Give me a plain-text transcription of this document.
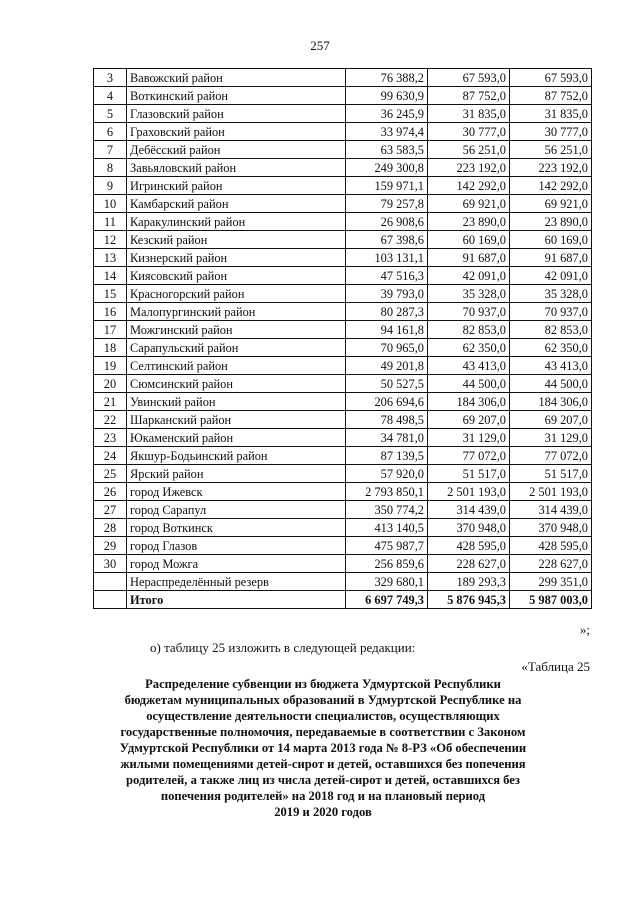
257
3	Вавожский район	76 388,2	67 593,0	67 593,0
4	Воткинский район	99 630,9	87 752,0	87 752,0
5	Глазовский район	36 245,9	31 835,0	31 835,0
6	Граховский район	33 974,4	30 777,0	30 777,0
7	Дебёсский район	63 583,5	56 251,0	56 251,0
8	Завьяловский район	249 300,8	223 192,0	223 192,0
9	Игринский район	159 971,1	142 292,0	142 292,0
10	Камбарский район	79 257,8	69 921,0	69 921,0
11	Каракулинский район	26 908,6	23 890,0	23 890,0
12	Кезский район	67 398,6	60 169,0	60 169,0
13	Кизнерский район	103 131,1	91 687,0	91 687,0
14	Киясовский район	47 516,3	42 091,0	42 091,0
15	Красногорский район	39 793,0	35 328,0	35 328,0
16	Малопургинский район	80 287,3	70 937,0	70 937,0
17	Можгинский район	94 161,8	82 853,0	82 853,0
18	Сарапульский район	70 965,0	62 350,0	62 350,0
19	Селтинский район	49 201,8	43 413,0	43 413,0
20	Сюмсинский район	50 527,5	44 500,0	44 500,0
21	Увинский район	206 694,6	184 306,0	184 306,0
22	Шарканский район	78 498,5	69 207,0	69 207,0
23	Юкаменский район	34 781,0	31 129,0	31 129,0
24	Якшур-Бодьинский район	87 139,5	77 072,0	77 072,0
25	Ярский район	57 920,0	51 517,0	51 517,0
26	город Ижевск	2 793 850,1	2 501 193,0	2 501 193,0
27	город Сарапул	350 774,2	314 439,0	314 439,0
28	город Воткинск	413 140,5	370 948,0	370 948,0
29	город Глазов	475 987,7	428 595,0	428 595,0
30	город Можга	256 859,6	228 627,0	228 627,0
	Нераспределённый резерв	329 680,1	189 293,3	299 351,0
	Итого	6 697 749,3	5 876 945,3	5 987 003,0
»;
о) таблицу 25 изложить в следующей редакции:
«Таблица 25
Распределение субвенции из бюджета Удмуртской Республики
бюджетам муниципальных образований в Удмуртской Республике на
осуществление деятельности специалистов, осуществляющих
государственные полномочия, передаваемые в соответствии с Законом
Удмуртской Республики от 14 марта 2013 года № 8-РЗ «Об обеспечении
жилыми помещениями детей-сирот и детей, оставшихся без попечения
родителей, а также лиц из числа детей-сирот и детей, оставшихся без
попечения родителей» на 2018 год и на плановый период
2019 и 2020 годов
